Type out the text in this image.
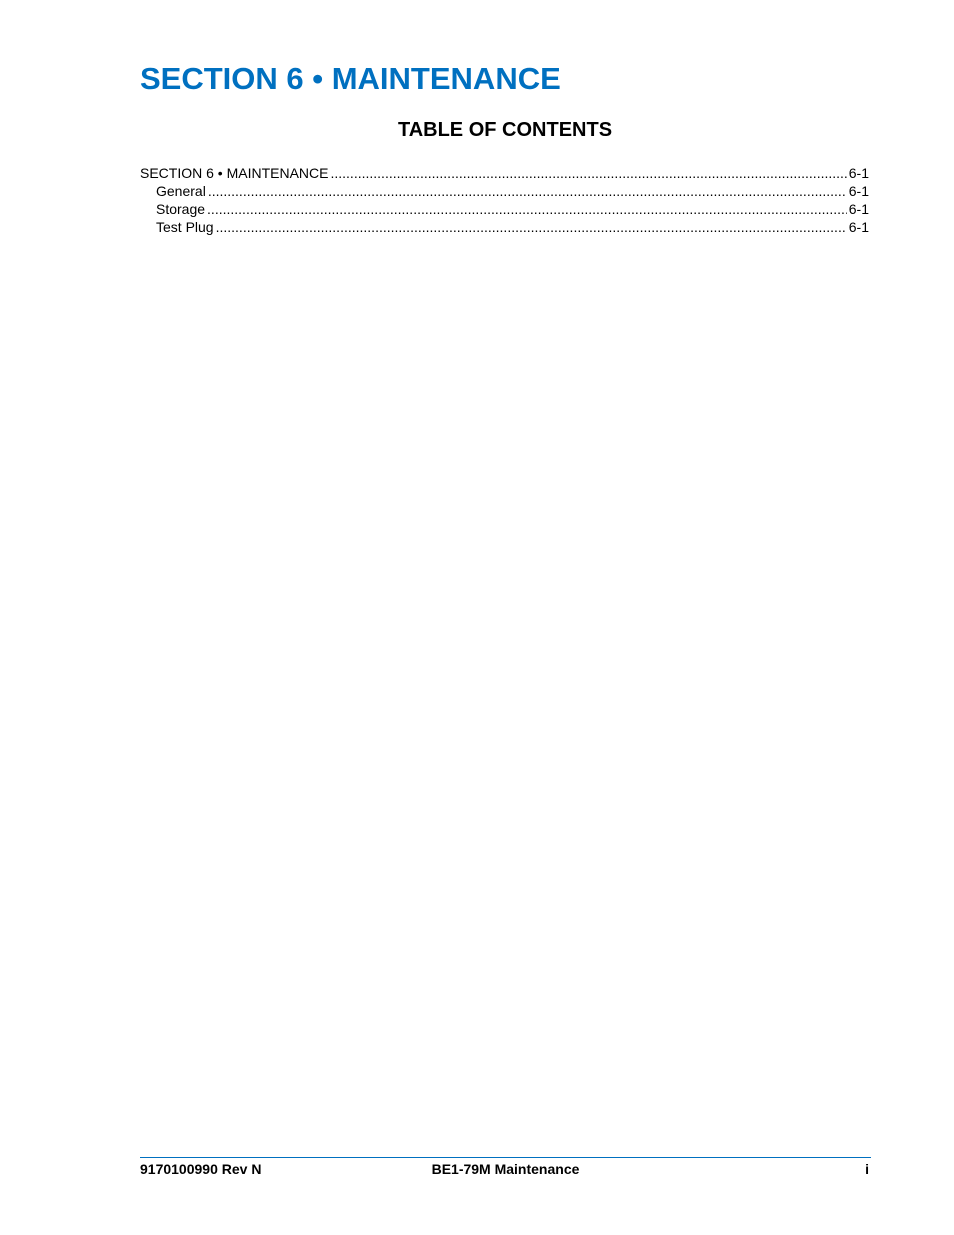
SECTION 6 • MAINTENANCE
TABLE OF CONTENTS
SECTION 6 • MAINTENANCE .....	6-1
General .....	6-1
Storage .....	6-1
Test Plug .....	6-1
9170100990 Rev N	BE1-79M Maintenance	i
